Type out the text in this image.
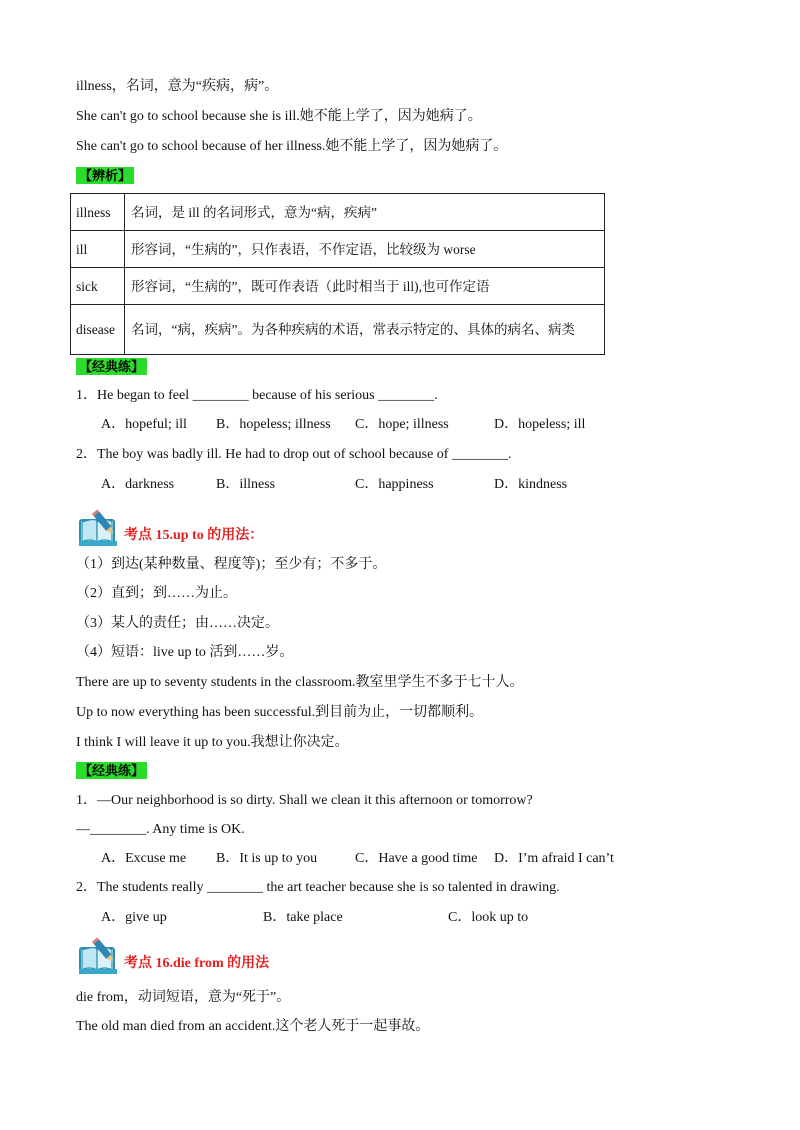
illness，名词，意为“疾病，病”。
She can't go to school because she is ill.她不能上学了，因为她病了。
She can't go to school because of her illness.她不能上学了，因为她病了。
【辨析】
illness	名词，是 ill 的名词形式，意为“病，疾病”
ill	形容词，“生病的”，只作表语，不作定语，比较级为 worse
sick	形容词，“生病的”，既可作表语（此时相当于 ill),也可作定语
disease	名词，“病，疾病”。为各种疾病的术语，常表示特定的、具体的病名、病类
【经典练】
1．He began to feel ________ because of his serious ________.
A．hopeful; ill B．hopeless; illness C．hope; illness	D．hopeless; ill
2．The boy was badly ill. He had to drop out of school because of ________.
A．darkness	B．illness	C．happiness	D．kindness
考点 15.up to 的用法：
（1）到达(某种数量、程度等)；至少有；不多于。
（2）直到；到……为止。
（3）某人的责任；由……决定。
（4）短语：live up to 活到……岁。
There are up to seventy students in the classroom.教室里学生不多于七十人。
Up to now everything has been successful.到目前为止，一切都顺利。
I think I will leave it up to you.我想让你决定。
【经典练】
1．—Our neighborhood is so dirty. Shall we clean it this afternoon or tomorrow?
—________. Any time is OK.
A．Excuse me B．It is up to you	C．Have a good time D．I’m afraid I can’t
2．The students really ________ the art teacher because she is so talented in drawing.
A．give up	B．take place	C．look up to
考点 16.die from 的用法
die from，动词短语，意为“死于”。
The old man died from an accident.这个老人死于一起事故。
